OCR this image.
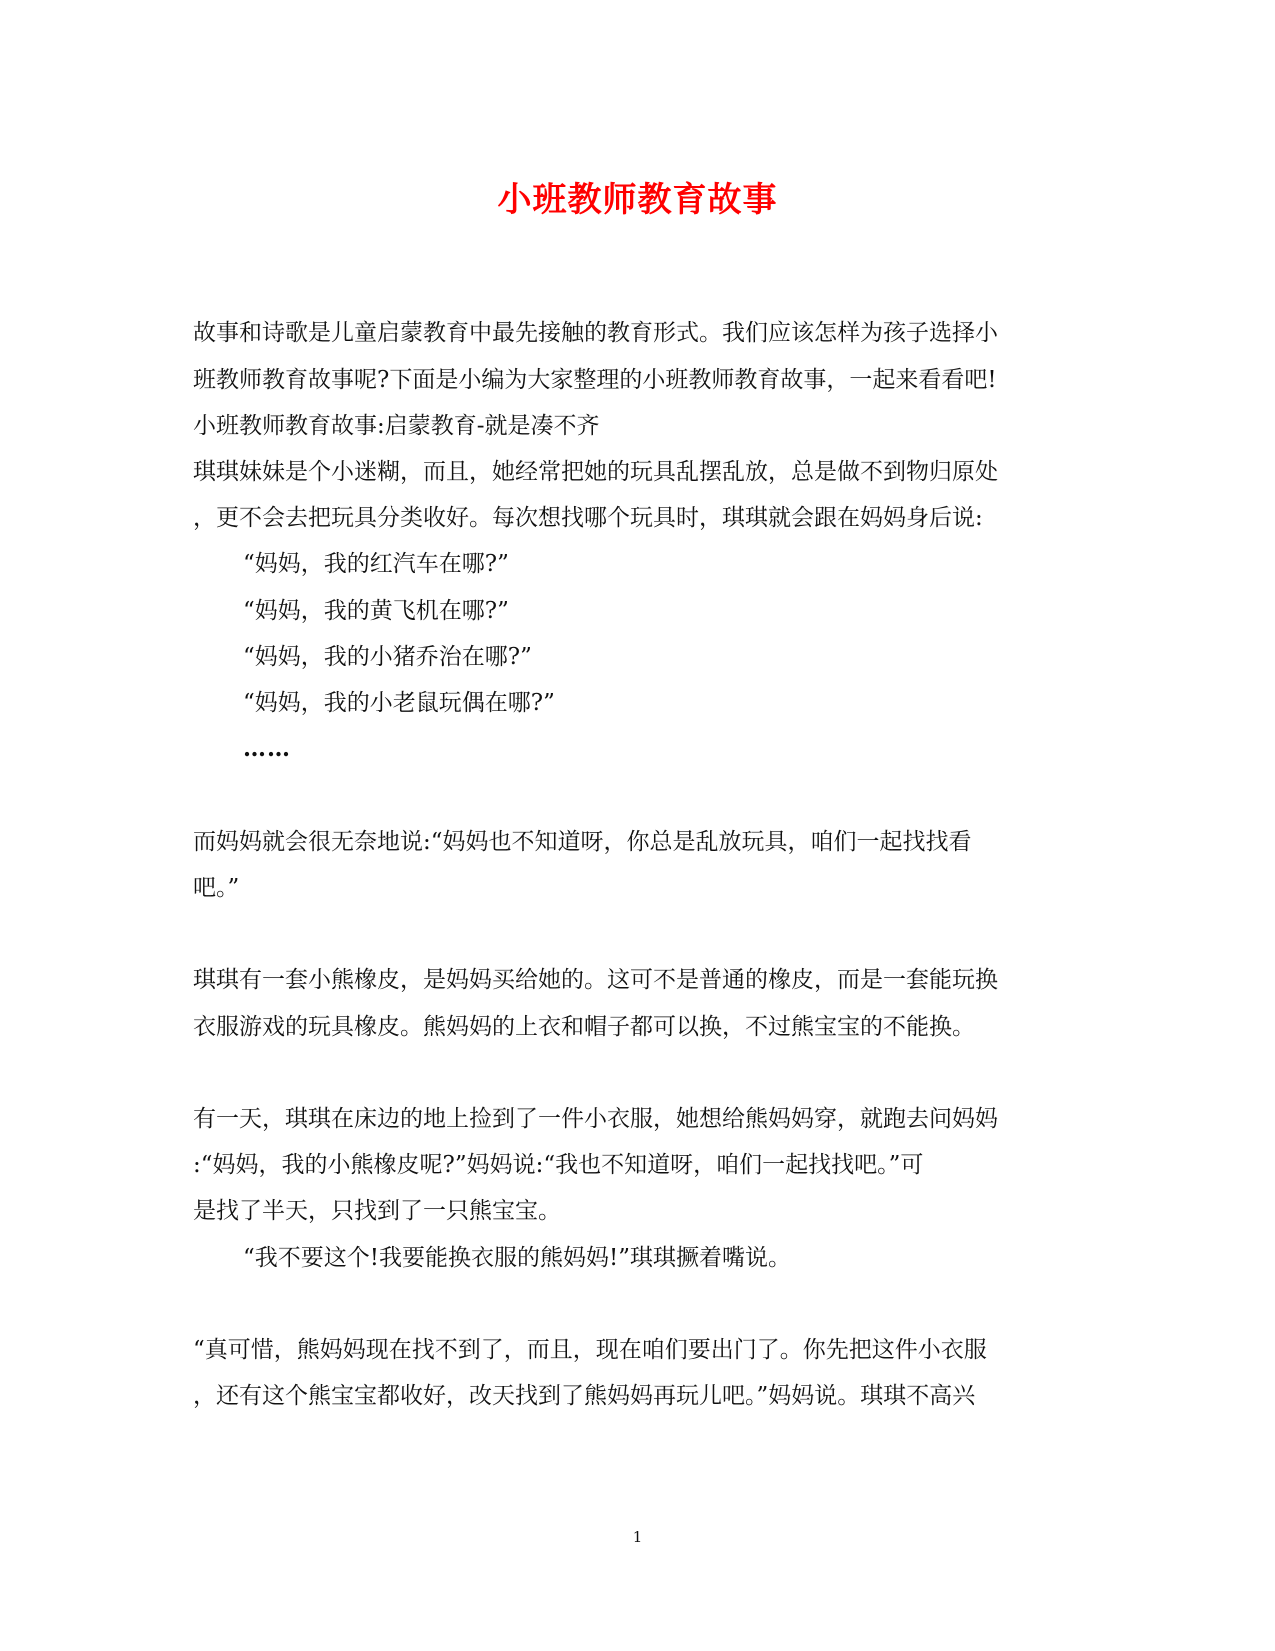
小班教师教育故事

故事和诗歌是儿童启蒙教育中最先接触的教育形式。我们应该怎样为孩子选择小

班教师教育故事呢?下面是小编为大家整理的小班教师教育故事，一起来看看吧!

小班教师教育故事:启蒙教育-就是凑不齐

琪琪妹妹是个小迷糊，而且，她经常把她的玩具乱摆乱放，总是做不到物归原处

，更不会去把玩具分类收好。每次想找哪个玩具时，琪琪就会跟在妈妈身后说:

“妈妈，我的红汽车在哪?”

“妈妈，我的黄飞机在哪?”

“妈妈，我的小猪乔治在哪?”

“妈妈，我的小老鼠玩偶在哪?”

……

而妈妈就会很无奈地说:“妈妈也不知道呀，你总是乱放玩具，咱们一起找找看

吧。”

琪琪有一套小熊橡皮，是妈妈买给她的。这可不是普通的橡皮，而是一套能玩换

衣服游戏的玩具橡皮。熊妈妈的上衣和帽子都可以换，不过熊宝宝的不能换。

有一天，琪琪在床边的地上捡到了一件小衣服，她想给熊妈妈穿，就跑去问妈妈

:“妈妈，我的小熊橡皮呢?”妈妈说:“我也不知道呀，咱们一起找找吧。”可

是找了半天，只找到了一只熊宝宝。

“我不要这个!我要能换衣服的熊妈妈!”琪琪撅着嘴说。

“真可惜，熊妈妈现在找不到了，而且，现在咱们要出门了。你先把这件小衣服

，还有这个熊宝宝都收好，改天找到了熊妈妈再玩儿吧。”妈妈说。琪琪不高兴

1
